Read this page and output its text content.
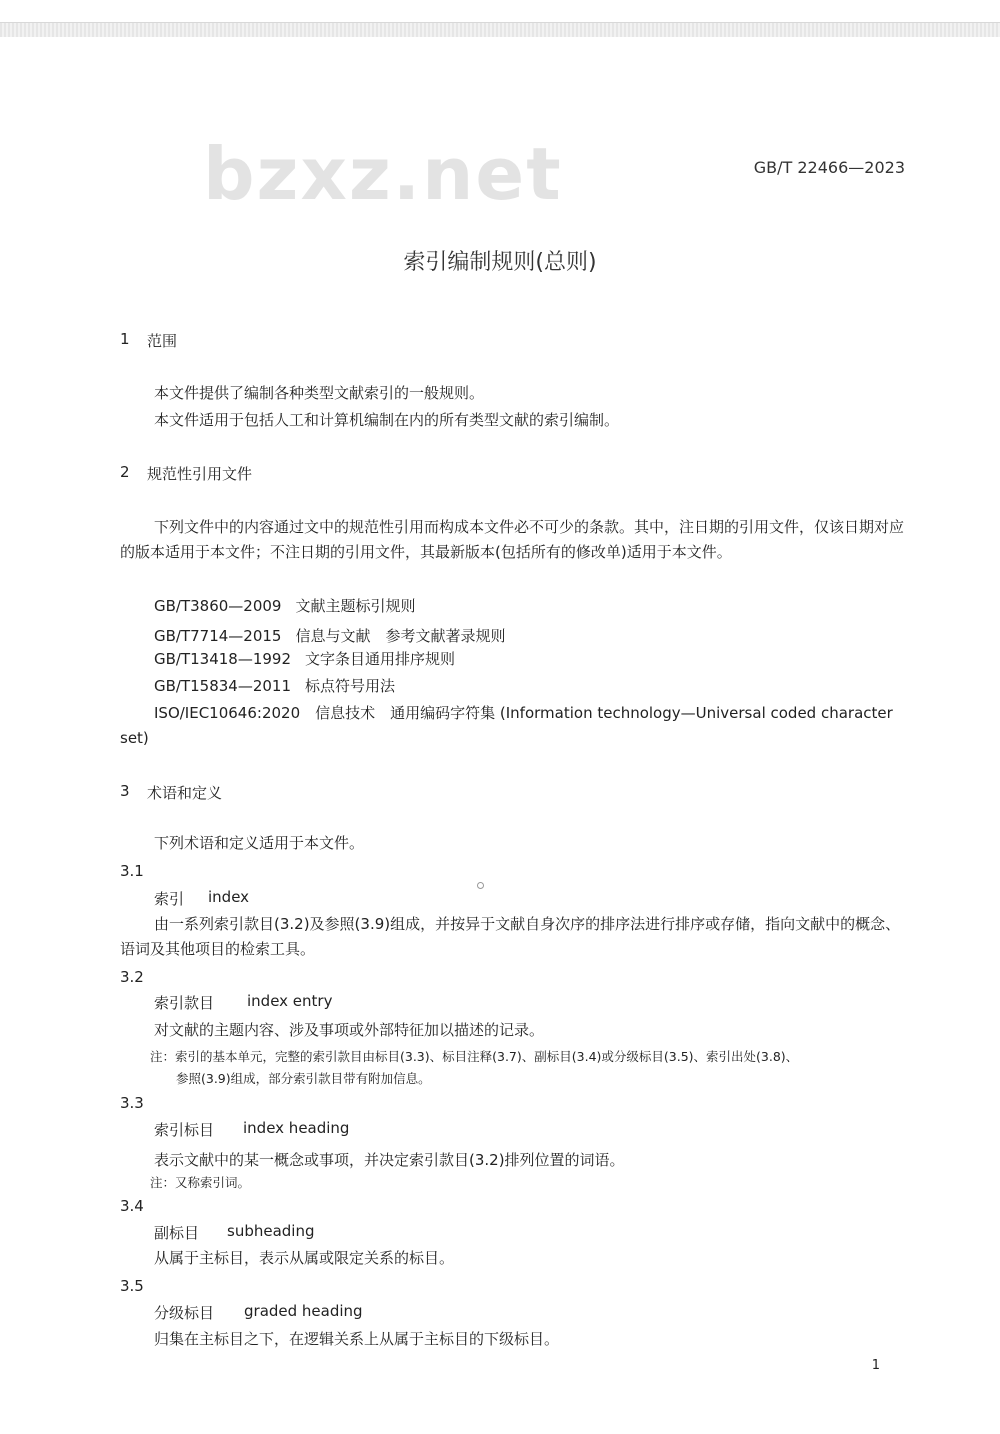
bzxz.net	GB/T 22466—2023
索引编制规则(总则)
1 范围
本文件提供了编制各种类型文献索引的一般规则。
本文件适用于包括人工和计算机编制在内的所有类型文献的索引编制。
2 规范性引用文件
下列文件中的内容通过文中的规范性引用而构成本文件必不可少的条款。其中，注日期的引用文件，仅该日期对应的版本适用于本文件；不注日期的引用文件，其最新版本(包括所有的修改单)适用于本文件。
GB/T3860—2009 文献主题标引规则
GB/T7714—2015 信息与文献　参考文献著录规则
GB/T13418—1992 文字条目通用排序规则
GB/T15834—2011 标点符号用法
ISO/IEC10646:2020　信息技术　通用编码字符集 (Information technology—Universal coded character set)
3 术语和定义
下列术语和定义适用于本文件。
3.1
索引 index
由一系列索引款目(3.2)及参照(3.9)组成，并按异于文献自身次序的排序法进行排序或存储，指向文献中的概念、语词及其他项目的检索工具。
3.2
索引款目 index entry
对文献的主题内容、涉及事项或外部特征加以描述的记录。
注：索引的基本单元，完整的索引款目由标目(3.3)、标目注释(3.7)、副标目(3.4)或分级标目(3.5)、索引出处(3.8)、
参照(3.9)组成，部分索引款目带有附加信息。
3.3
索引标目 index heading
表示文献中的某一概念或事项，并决定索引款目(3.2)排列位置的词语。
注：又称索引词。
3.4
副标目 subheading
从属于主标目，表示从属或限定关系的标目。
3.5
分级标目 graded heading
归集在主标目之下，在逻辑关系上从属于主标目的下级标目。
1
